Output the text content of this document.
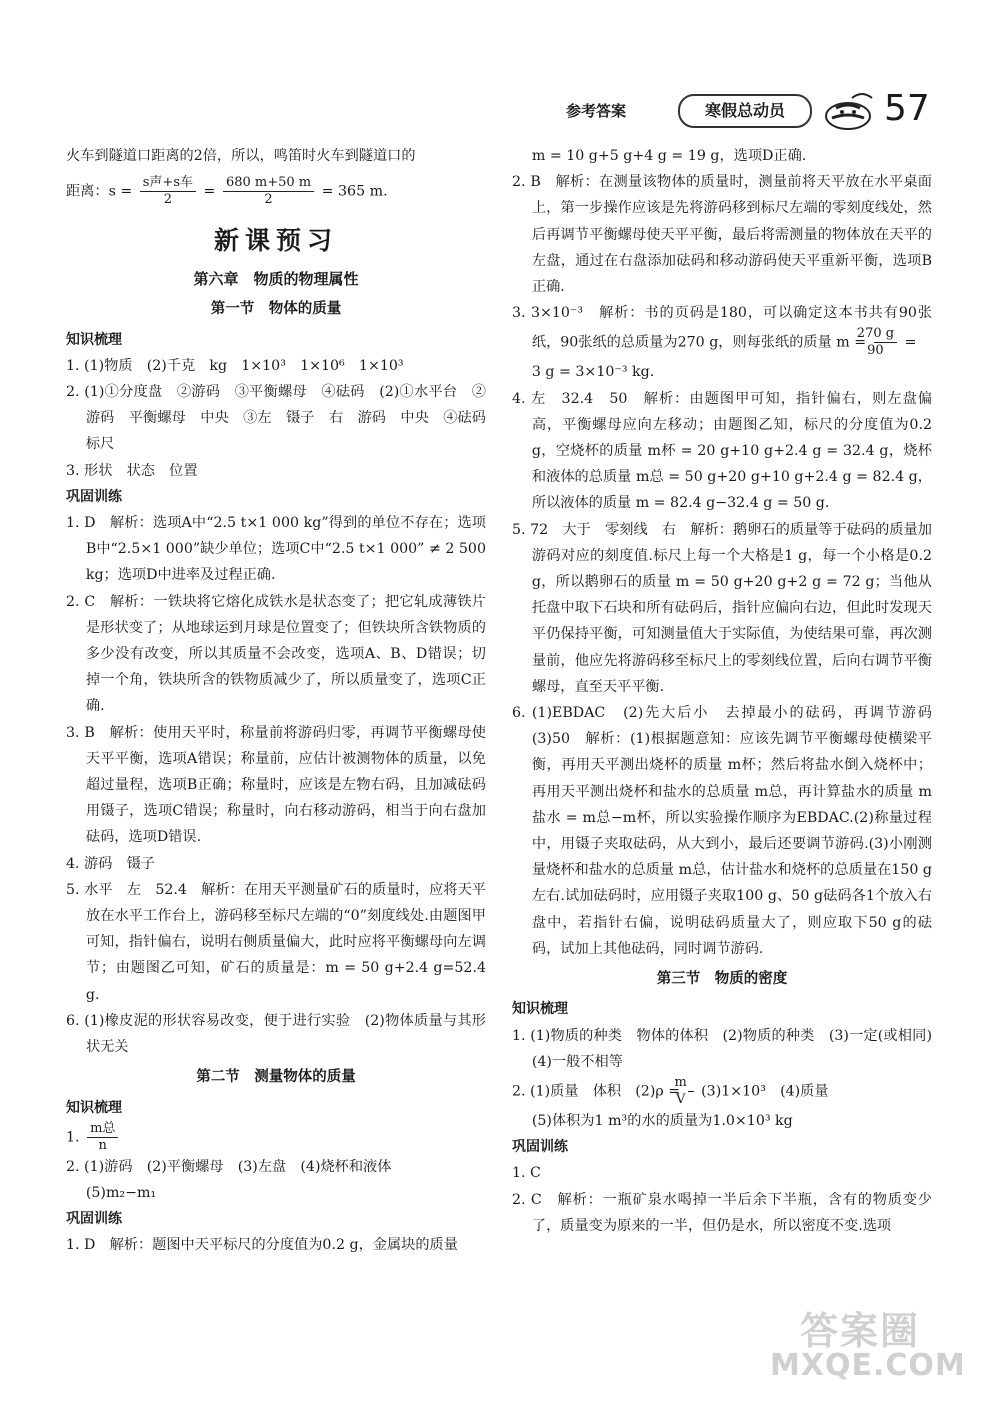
参考答案	寒假总动员	57

火车到隧道口距离的2倍，所以，鸣笛时火车到隧道口的

距离：$s = \frac{\text{s声+s车}}{2} = \frac{680 m+50 m}{2} = 365$ m.

新课预习
第六章　物质的物理属性
第一节　物体的质量
知识梳理

1. (1)物质　(2)千克　kg　1×10³　1×10⁶　1×10³

2. (1)①分度盘　②游码　③平衡螺母　④砝码　(2)①水平台　②游码　平衡螺母　中央　③左　镊子　右　游码　中央　④砝码　标尺

3. 形状　状态　位置

巩固训练

1. D　解析：选项A中“2.5 t×1 000 kg”得到的单位不存在；选项B中“2.5×1 000”缺少单位；选项C中“2.5 t×1 000” ≠ 2 500 kg；选项D中进率及过程正确.

2. C　解析：一铁块将它熔化成铁水是状态变了；把它轧成薄铁片是形状变了；从地球运到月球是位置变了；但铁块所含铁物质的多少没有改变，所以其质量不会改变，选项A、B、D错误；切掉一个角，铁块所含的铁物质减少了，所以质量变了，选项C正确.

3. B　解析：使用天平时，称量前将游码归零，再调节平衡螺母使天平平衡，选项A错误；称量前，应估计被测物体的质量，以免超过量程，选项B正确；称量时，应该是左物右码，且加减砝码用镊子，选项C错误；称量时，向右移动游码，相当于向右盘加砝码，选项D错误.

4. 游码　镊子

5. 水平　左　52.4　解析：在用天平测量矿石的质量时，应将天平放在水平工作台上，游码移至标尺左端的“0”刻度线处.由题图甲可知，指针偏右，说明右侧质量偏大，此时应将平衡螺母向左调节；由题图乙可知，矿石的质量是：m = 50 g+2.4 g=52.4 g.

6. (1)橡皮泥的形状容易改变，便于进行实验　(2)物体质量与其形状无关

第二节　测量物体的质量
知识梳理

1. $\frac{\text{m总}}{n}$

2. (1)游码　(2)平衡螺母　(3)左盘　(4)烧杯和液体

(5)m₂−m₁

巩固训练

1. D　解析：题图中天平标尺的分度值为0.2 g，金属块的质量

m = 10 g+5 g+4 g = 19 g，选项D正确.

2. B　解析：在测量该物体的质量时，测量前将天平放在水平桌面上，第一步操作应该是先将游码移到标尺左端的零刻度线处，然后再调节平衡螺母使天平平衡，最后将需测量的物体放在天平的左盘，通过在右盘添加砝码和移动游码使天平重新平衡，选项B正确.

3. 3×10⁻³　解析：书的页码是180，可以确定这本书共有90张纸，90张纸的总质量为270 g，则每张纸的质量 $m = \frac{270 g}{90}$ =

3 g = 3×10⁻³ kg.

4. 左　32.4　50　解析：由题图甲可知，指针偏右，则左盘偏高，平衡螺母应向左移动；由题图乙知，标尺的分度值为0.2 g，空烧杯的质量 m杯 = 20 g+10 g+2.4 g = 32.4 g，烧杯和液体的总质量 m总 = 50 g+20 g+10 g+2.4 g = 82.4 g，所以液体的质量 m = 82.4 g−32.4 g = 50 g.

5. 72　大于　零刻线　右　解析：鹅卵石的质量等于砝码的质量加游码对应的刻度值.标尺上每一个大格是1 g，每一个小格是0.2 g，所以鹅卵石的质量 m = 50 g+20 g+2 g = 72 g；当他从托盘中取下石块和所有砝码后，指针应偏向右边，但此时发现天平仍保持平衡，可知测量值大于实际值，为使结果可靠，再次测量前，他应先将游码移至标尺上的零刻线位置，后向右调节平衡螺母，直至天平平衡.

6. (1)EBDAC　(2)先大后小　去掉最小的砝码，再调节游码　(3)50　解析：(1)根据题意知：应该先调节平衡螺母使横梁平衡，再用天平测出烧杯的质量 m杯；然后将盐水倒入烧杯中；再用天平测出烧杯和盐水的总质量 m总，再计算盐水的质量 m盐水 = m总−m杯，所以实验操作顺序为EBDAC.(2)称量过程中，用镊子夹取砝码，从大到小，最后还要调节游码.(3)小刚测量烧杯和盐水的总质量 m总，估计盐水和烧杯的总质量在150 g左右.试加砝码时，应用镊子夹取100 g、50 g砝码各1个放入右盘中，若指针右偏，说明砝码质量大了，则应取下50 g的砝码，试加上其他砝码，同时调节游码.

第三节　物质的密度
知识梳理

1. (1)物质的种类　物体的体积　(2)物质的种类　(3)一定(或相同)　(4)一般不相等

2. (1)质量　体积　$(2)\rho = \frac{m}{V} (3)1\times 10^3$　(4)质量

(5)体积为1 m³的水的质量为1.0×10³ kg

巩固训练

1. C

2. C　解析：一瓶矿泉水喝掉一半后余下半瓶，含有的物质变少了，质量变为原来的一半，但仍是水，所以密度不变.选项

答案圈
MXQE.COM
